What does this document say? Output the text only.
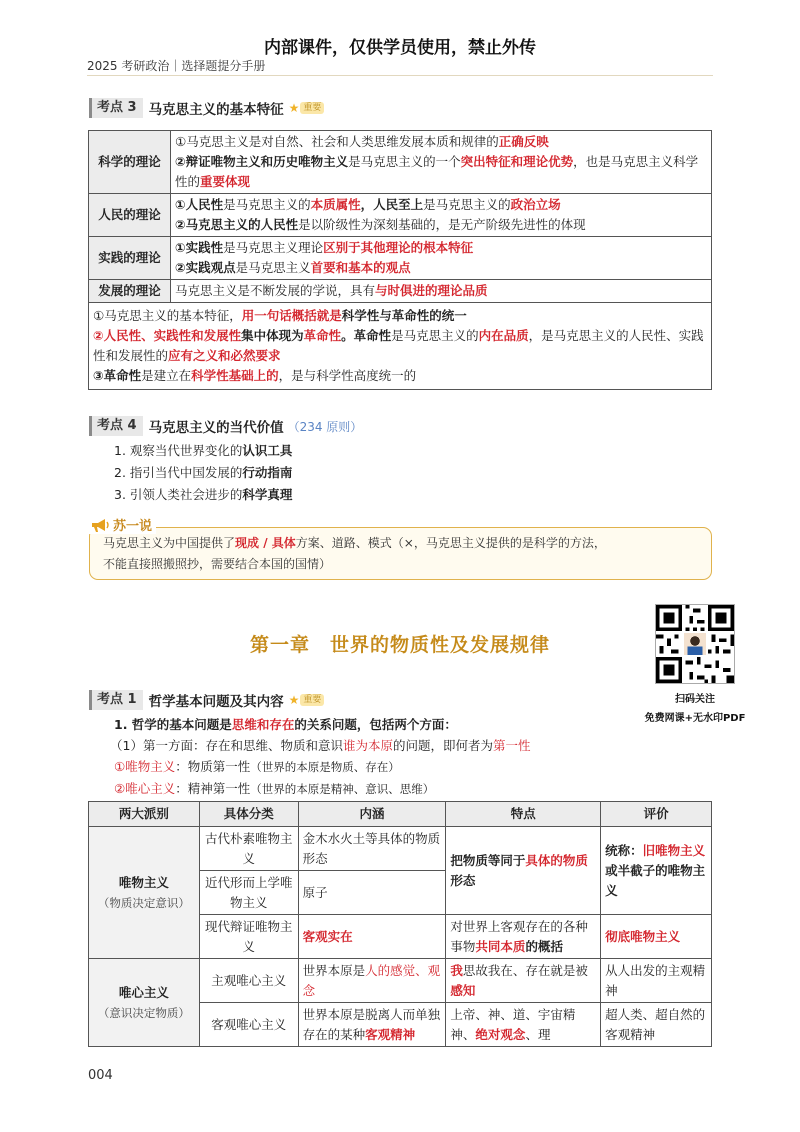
内部课件，仅供学员使用，禁止外传
2025 考研政治｜选择题提分手册
考点 3 马克思主义的基本特征 ★ 重要
科学的理论	①马克思主义是对自然、社会和人类思维发展本质和规律的正确反映
②辩证唯物主义和历史唯物主义是马克思主义的一个突出特征和理论优势，也是马克思主义科学性的重要体现

人民的理论	①人民性是马克思主义的本质属性，人民至上是马克思主义的政治立场
②马克思主义的人民性是以阶级性为深刻基础的，是无产阶级先进性的体现

实践的理论	①实践性是马克思主义理论区别于其他理论的根本特征
②实践观点是马克思主义首要和基本的观点

发展的理论	马克思主义是不断发展的学说，具有与时俱进的理论品质

①马克思主义的基本特征，用一句话概括就是科学性与革命性的统一
②人民性、实践性和发展性集中体现为革命性。革命性是马克思主义的内在品质，是马克思主义的人民性、实践性和发展性的应有之义和必然要求
③革命性是建立在科学性基础上的，是与科学性高度统一的	
考点 4 马克思主义的当代价值 （234 原则）
1. 观察当代世界变化的认识工具
2. 指引当代中国发展的行动指南
3. 引领人类社会进步的科学真理
苏一说
马克思主义为中国提供了现成 / 具体方案、道路、模式（×，马克思主义提供的是科学的方法，
不能直接照搬照抄，需要结合本国的国情）
扫码关注
免费网课+无水印PDF
第一章　世界的物质性及发展规律
考点 1 哲学基本问题及其内容 ★ 重要
1. 哲学的基本问题是思维和存在的关系问题，包括两个方面：
（1）第一方面：存在和思维、物质和意识谁为本原的问题，即何者为第一性
①唯物主义：物质第一性（世界的本原是物质、存在）
②唯心主义：精神第一性（世界的本原是精神、意识、思维）
两大派别	具体分类	内涵	特点	评价

唯物主义
（物质决定意识）	古代朴素唯物主义	金木水火土等具体的物质形态	把物质等同于具体的物质形态	统称：旧唯物主义或半截子的唯物主义
	近代形而上学唯物主义	原子		
	现代辩证唯物主义	客观实在	对世界上客观存在的各种事物共同本质的概括	彻底唯物主义

唯心主义
（意识决定物质）	主观唯心主义	世界本原是人的感觉、观念	我思故我在、存在就是被感知	从人出发的主观精神
	客观唯心主义	世界本原是脱离人而单独存在的某种客观精神	上帝、神、道、宇宙精神、绝对观念、理	超人类、超自然的客观精神
004
